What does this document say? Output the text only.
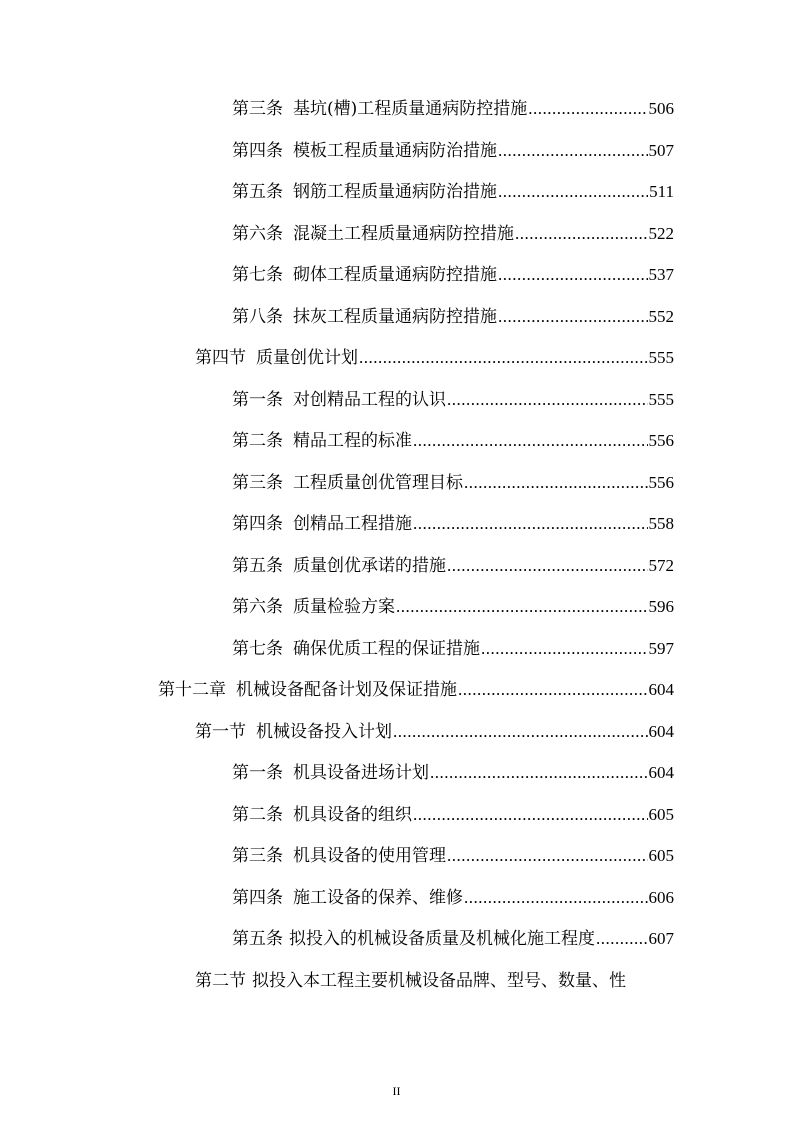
第三条 基坑(槽)工程质量通病防控措施 .....	506
第四条 模板工程质量通病防治措施 .....	507
第五条 钢筋工程质量通病防治措施 .....	511
第六条 混凝土工程质量通病防控措施 .....	522
第七条 砌体工程质量通病防控措施 .....	537
第八条 抹灰工程质量通病防控措施 .....	552
第四节 质量创优计划 .....	555
第一条 对创精品工程的认识 .....	555
第二条 精品工程的标准 .....	556
第三条 工程质量创优管理目标 .....	556
第四条 创精品工程措施 .....	558
第五条 质量创优承诺的措施 .....	572
第六条 质量检验方案 .....	596
第七条 确保优质工程的保证措施 .....	597
第十二章 机械设备配备计划及保证措施 .....	604
第一节 机械设备投入计划 .....	604
第一条 机具设备进场计划 .....	604
第二条 机具设备的组织 .....	605
第三条 机具设备的使用管理 .....	605
第四条 施工设备的保养、维修 .....	606
第五条 拟投入的机械设备质量及机械化施工程度 .....	607
第二节 拟投入本工程主要机械设备品牌、型号、数量、性
II
